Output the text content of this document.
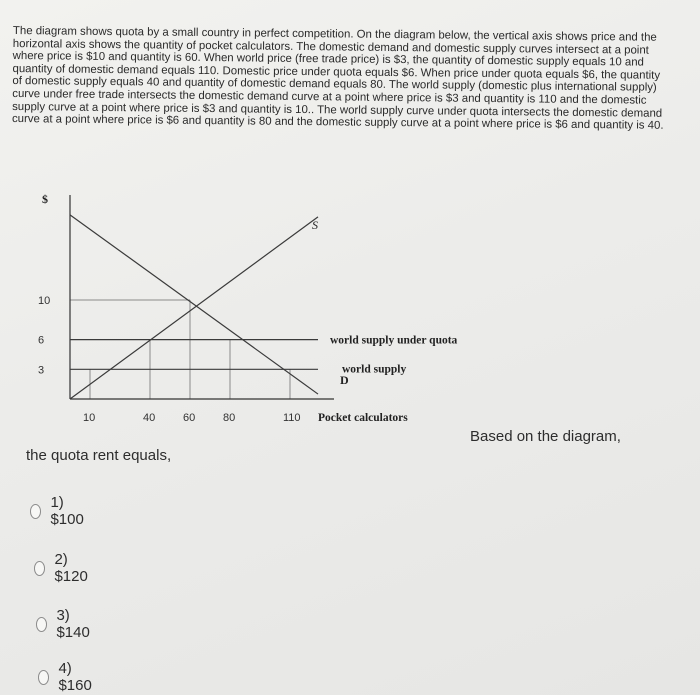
The diagram shows quota by a small country in perfect competition. On the diagram below, the vertical axis shows price and the horizontal axis shows the quantity of pocket calculators. The domestic demand and domestic supply curves intersect at a point where price is $10 and quantity is 60. When world price (free trade price) is $3, the quantity of domestic supply equals 10 and quantity of domestic demand equals 110. Domestic price under quota equals $6. When price under quota equals $6, the quantity of domestic supply equals 40 and quantity of domestic demand equals 80. The world supply (domestic plus international supply) curve under free trade intersects the domestic demand curve at a point where price is $3 and quantity is 110 and the domestic supply curve at a point where price is $3 and quantity is 10.. The world supply curve under quota intersects the domestic demand curve at a point where price is $6 and quantity is 80 and the domestic supply curve at a point where price is $6 and quantity is 40.
S
D
world supply under quota
world supply
$
10
6
3
10	40	60	80	110 Pocket calculators
Based on the diagram,
the quota rent equals,
1) $100
2) $120
3) $140
4) $160
